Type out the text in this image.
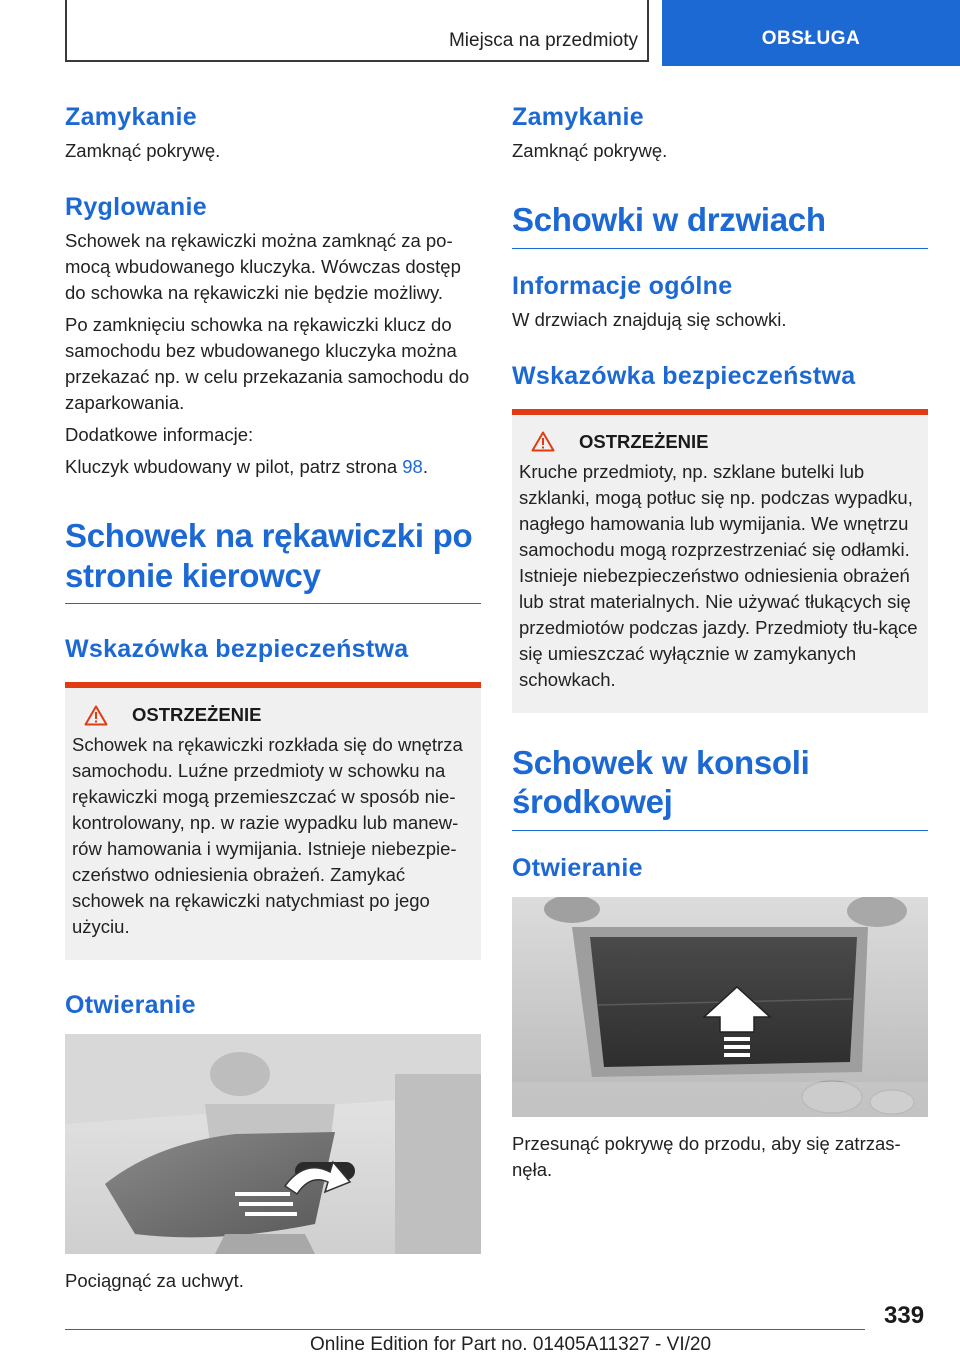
Miejsca na przedmioty	OBSŁUGA
Zamykanie

Zamknąć pokrywę.

Ryglowanie

Schowek na rękawiczki można zamknąć za po‐mocą wbudowanego kluczyka. Wówczas dostęp do schowka na rękawiczki nie będzie możliwy.

Po zamknięciu schowka na rękawiczki klucz do samochodu bez wbudowanego kluczyka można przekazać np. w celu przekazania samochodu do zaparkowania.

Dodatkowe informacje:

Kluczyk wbudowany w pilot, patrz strona 98.

Schowek na rękawiczki po stronie kierowcy
Wskazówka bezpieczeństwa
OSTRZEŻENIE

Schowek na rękawiczki rozkłada się do wnętrza samochodu. Luźne przedmioty w schowku na rękawiczki mogą przemieszczać w sposób nie‐kontrolowany, np. w razie wypadku lub manew‐rów hamowania i wymijania. Istnieje niebezpie‐czeństwo odniesienia obrażeń. Zamykać schowek na rękawiczki natychmiast po jego użyciu.

Otwieranie

Pociągnąć za uchwyt.

Zamykanie

Zamknąć pokrywę.

Schowki w drzwiach
Informacje ogólne

W drzwiach znajdują się schowki.

Wskazówka bezpieczeństwa
OSTRZEŻENIE

Kruche przedmioty, np. szklane butelki lub szklanki, mogą potłuc się np. podczas wypadku, nagłego hamowania lub wymijania. We wnętrzu samochodu mogą rozprzestrzeniać się odłamki. Istnieje niebezpieczeństwo odniesienia obrażeń lub strat materialnych. Nie używać tłukących się przedmiotów podczas jazdy. Przedmioty tłu‐kące się umieszczać wyłącznie w zamykanych schowkach.

Schowek w konsoli środkowej
Otwieranie

Przesunąć pokrywę do przodu, aby się zatrzas‐nęła.

339
Online Edition for Part no. 01405A11327 - VI/20
